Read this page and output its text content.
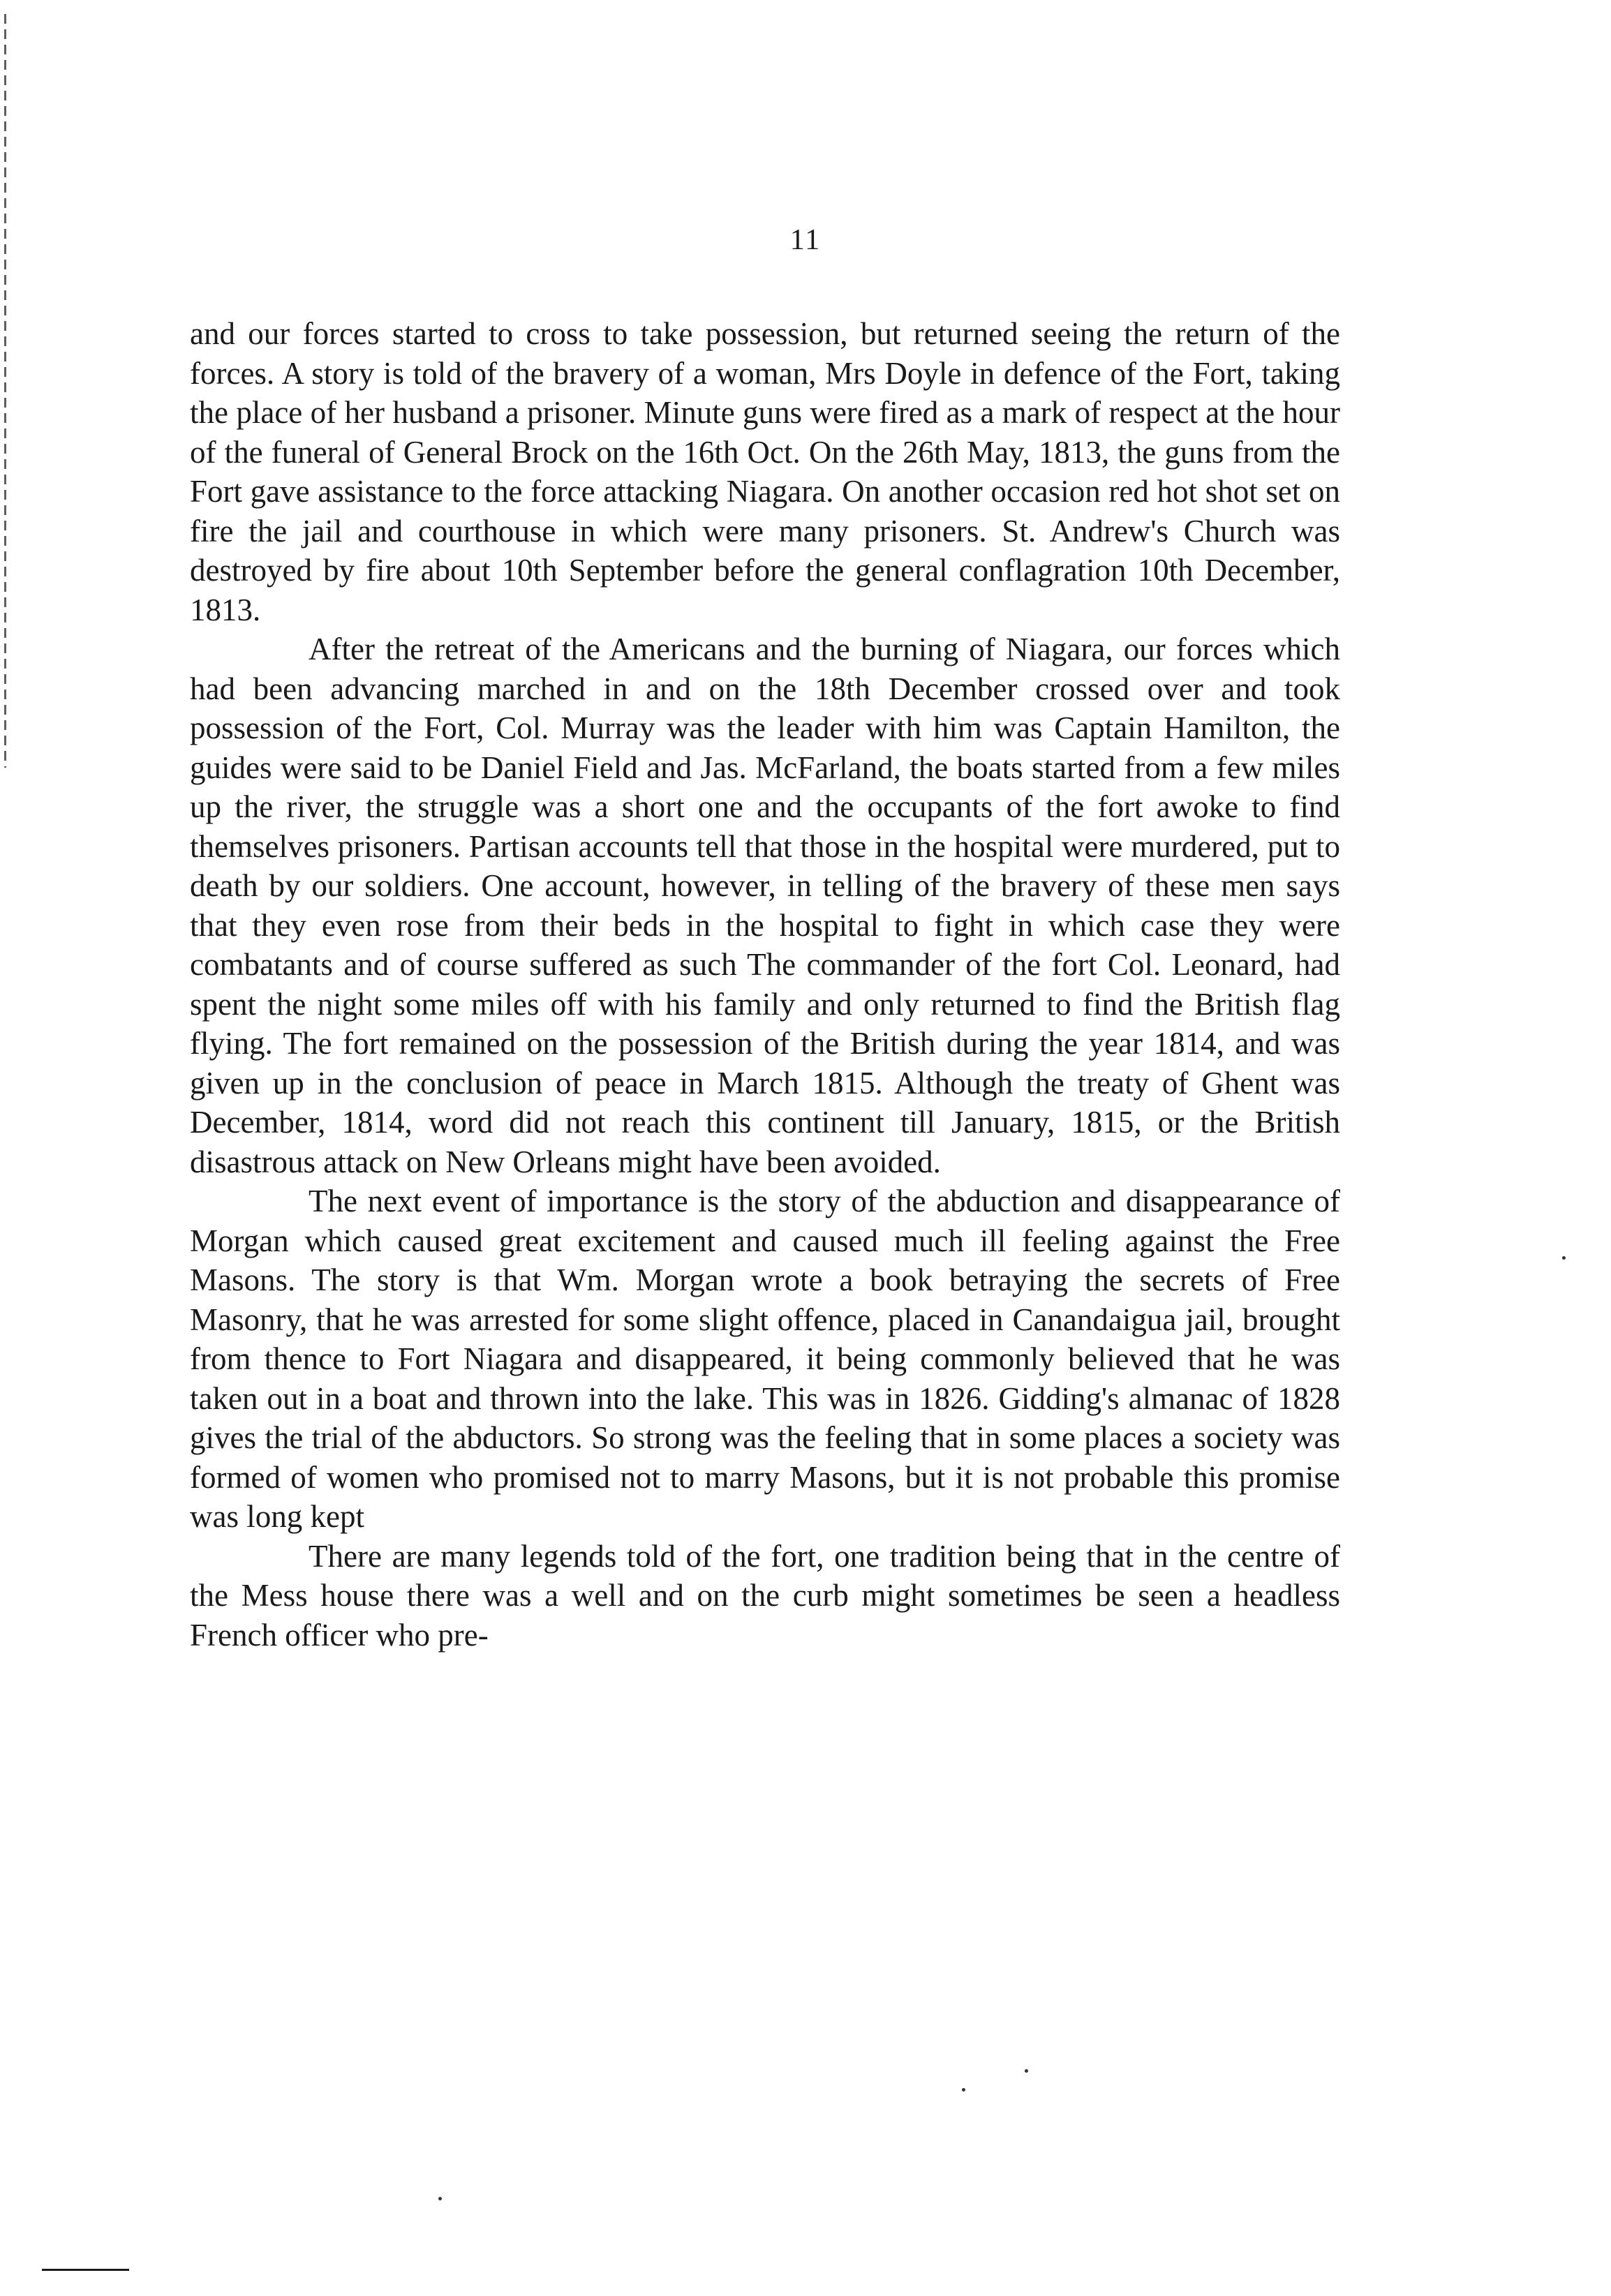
11

and our forces started to cross to take possession, but returned seeing the return of the forces. A story is told of the bravery of a woman, Mrs Doyle in defence of the Fort, taking the place of her husband a prisoner. Minute guns were fired as a mark of respect at the hour of the funeral of General Brock on the 16th Oct. On the 26th May, 1813, the guns from the Fort gave assistance to the force attacking Niagara. On another occasion red hot shot set on fire the jail and courthouse in which were many prisoners. St. Andrew's Church was destroyed by fire about 10th September before the general conflagration 10th December, 1813.

After the retreat of the Americans and the burning of Niagara, our forces which had been advancing marched in and on the 18th December crossed over and took possession of the Fort, Col. Murray was the leader with him was Captain Hamilton, the guides were said to be Daniel Field and Jas. McFarland, the boats started from a few miles up the river, the struggle was a short one and the occupants of the fort awoke to find themselves prisoners. Partisan accounts tell that those in the hospital were murdered, put to death by our soldiers. One account, however, in telling of the bravery of these men says that they even rose from their beds in the hospital to fight in which case they were combatants and of course suffered as such The commander of the fort Col. Leonard, had spent the night some miles off with his family and only returned to find the British flag flying. The fort remained on the possession of the British during the year 1814, and was given up in the conclusion of peace in March 1815. Although the treaty of Ghent was December, 1814, word did not reach this continent till January, 1815, or the British disastrous attack on New Orleans might have been avoided.

The next event of importance is the story of the abduction and disappearance of Morgan which caused great excitement and caused much ill feeling against the Free Masons. The story is that Wm. Morgan wrote a book betraying the secrets of Free Masonry, that he was arrested for some slight offence, placed in Canandaigua jail, brought from thence to Fort Niagara and disappeared, it being commonly believed that he was taken out in a boat and thrown into the lake. This was in 1826. Gidding's almanac of 1828 gives the trial of the abductors. So strong was the feeling that in some places a society was formed of women who promised not to marry Masons, but it is not probable this promise was long kept

There are many legends told of the fort, one tradition being that in the centre of the Mess house there was a well and on the curb might sometimes be seen a headless French officer who pre-
